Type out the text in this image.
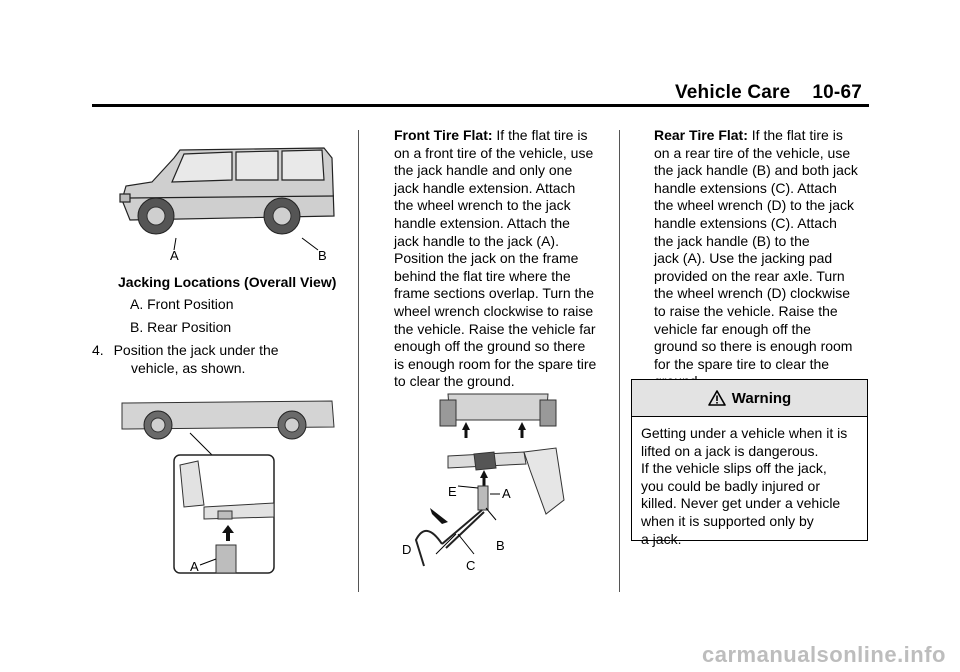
Vehicle Care 10-67
A	B
Jacking Locations (Overall View)
A. Front Position
B. Rear Position
4. Position the jack under the
vehicle, as shown.
A
Front Tire Flat: If the flat tire is
on a front tire of the vehicle, use
the jack handle and only one
jack handle extension. Attach
the wheel wrench to the jack
handle extension. Attach the
jack handle to the jack (A).
Position the jack on the frame
behind the flat tire where the
frame sections overlap. Turn the
wheel wrench clockwise to raise
the vehicle. Raise the vehicle far
enough off the ground so there
is enough room for the spare tire
to clear the ground.
E	A
B
D
C
Rear Tire Flat: If the flat tire is
on a rear tire of the vehicle, use
the jack handle (B) and both jack
handle extensions (C). Attach
the wheel wrench (D) to the jack
handle extensions (C). Attach
the jack handle (B) to the
jack (A). Use the jacking pad
provided on the rear axle. Turn
the wheel wrench (D) clockwise
to raise the vehicle. Raise the
vehicle far enough off the
ground so there is enough room
for the spare tire to clear the

Warning
Getting under a vehicle when it is
lifted on a jack is dangerous.
If the vehicle slips off the jack,
you could be badly injured or
killed. Never get under a vehicle
when it is supported only by
a jack.
carmanualsonline.info
